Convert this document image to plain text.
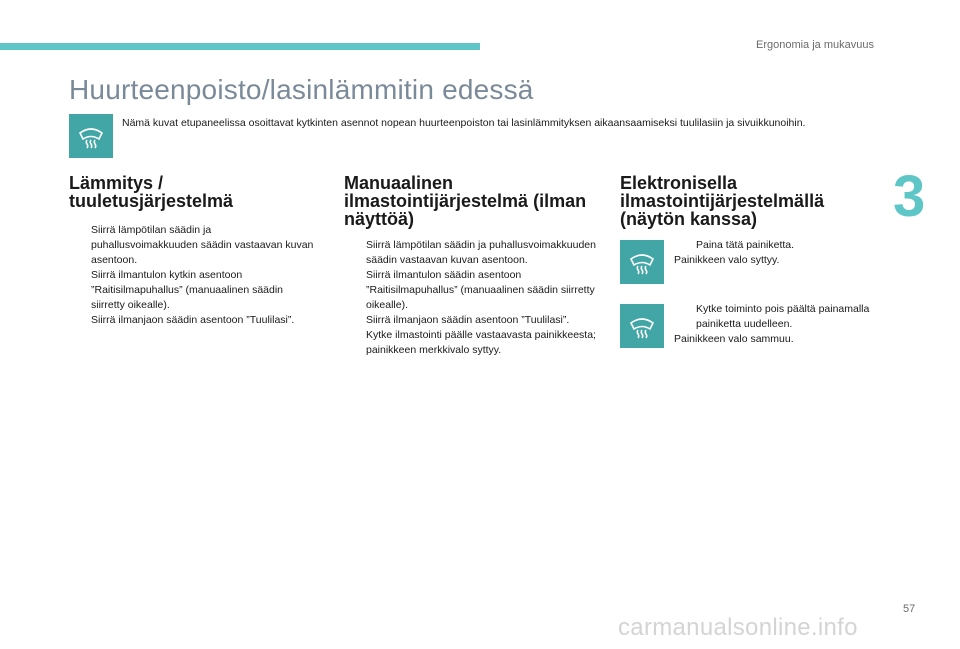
Ergonomia ja mukavuus
Huurteenpoisto/lasinlämmitin edessä

Nämä kuvat etupaneelissa osoittavat kytkinten asennot nopean huurteenpoiston tai lasinlämmityksen aikaansaamiseksi tuulilasiin ja sivuikkunoihin.

3
Lämmitys / tuuletusjärjestelmä
Siirrä lämpötilan säädin ja puhallusvoimakkuuden säädin vastaavan kuvan asentoon.
Siirrä ilmantulon kytkin asentoon ”Raitisilmapuhallus” (manuaalinen säädin siirretty oikealle).
Siirrä ilmanjaon säädin asentoon ”Tuulilasi”.
Manuaalinen ilmastointijärjestelmä (ilman näyttöä)
Siirrä lämpötilan säädin ja puhallusvoimakkuuden säädin vastaavan kuvan asentoon.
Siirrä ilmantulon säädin asentoon ”Raitisilmapuhallus” (manuaalinen säädin siirretty oikealle).
Siirrä ilmanjaon säädin asentoon ”Tuulilasi”.
Kytke ilmastointi päälle vastaavasta painikkeesta; painikkeen merkkivalo syttyy.
Elektronisella ilmastointijärjestelmällä (näytön kanssa)
Paina tätä painiketta.

Painikkeen valo syttyy.

Kytke toiminto pois päältä painamalla painiketta uudelleen.

Painikkeen valo sammuu.

57
carmanualsonline.info
